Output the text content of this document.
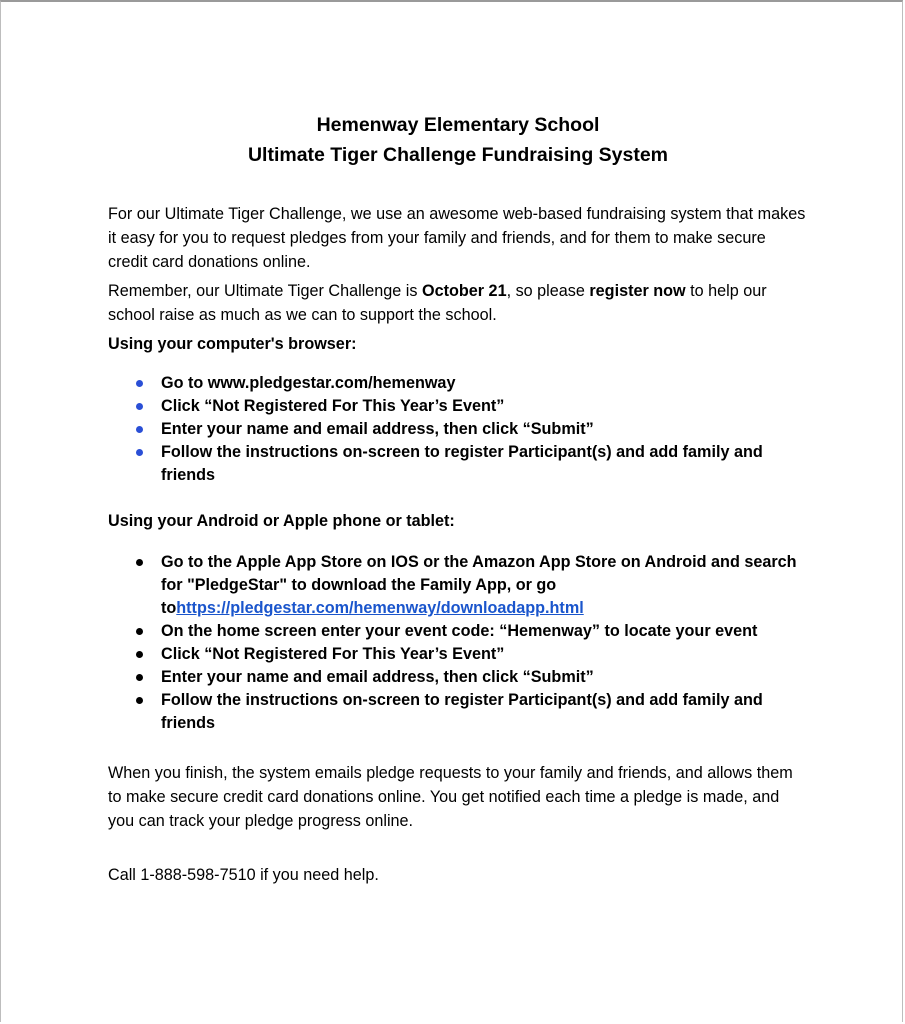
Hemenway Elementary School
Ultimate Tiger Challenge Fundraising System

For our Ultimate Tiger Challenge, we use an awesome web-based fundraising system that makes it easy for you to request pledges from your family and friends, and for them to make secure credit card donations online.

Remember, our Ultimate Tiger Challenge is October 21, so please register now to help our school raise as much as we can to support the school.

Using your computer's browser:

Go to www.pledgestar.com/hemenway
Click “Not Registered For This Year’s Event”
Enter your name and email address, then click “Submit”
Follow the instructions on-screen to register Participant(s) and add family and friends

Using your Android or Apple phone or tablet:

Go to the Apple App Store on IOS or the Amazon App Store on Android and search for "PledgeStar" to download the Family App, or go tohttps://pledgestar.com/hemenway/downloadapp.html
On the home screen enter your event code: “Hemenway” to locate your event
Click “Not Registered For This Year’s Event”
Enter your name and email address, then click “Submit”
Follow the instructions on-screen to register Participant(s) and add family and friends

When you finish, the system emails pledge requests to your family and friends, and allows them to make secure credit card donations online. You get notified each time a pledge is made, and you can track your pledge progress online.

Call 1-888-598-7510 if you need help.
